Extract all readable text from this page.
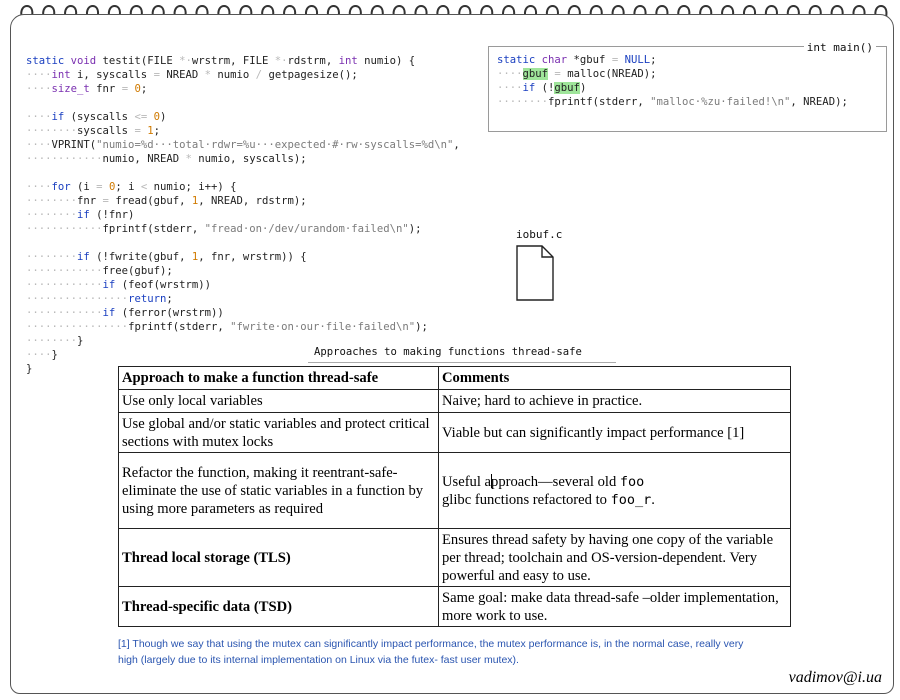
static void testit(FILE *·wrstrm, FILE *·rdstrm, int numio) {
····int i, syscalls = NREAD * numio / getpagesize();
····size_t fnr = 0;
····if (syscalls <= 0)
········syscalls = 1;
····VPRINT("numio=%d···total·rdwr=%u···expected·#·rw·syscalls=%d\n",
············numio, NREAD * numio, syscalls);
····for (i = 0; i < numio; i++) {
········fnr = fread(gbuf, 1, NREAD, rdstrm);
········if (!fnr)
············fprintf(stderr, "fread·on·/dev/urandom·failed\n");
········if (!fwrite(gbuf, 1, fnr, wrstrm)) {
············free(gbuf);
············if (feof(wrstrm))
················return;
············if (ferror(wrstrm))
················fprintf(stderr, "fwrite·on·our·file·failed\n");
········}
····}
}
int main()
static char *gbuf = NULL;
····gbuf = malloc(NREAD);
····if (!gbuf)
········fprintf(stderr, "malloc·%zu·failed!\n", NREAD);
iobuf.c
Approaches to making functions thread-safe
Approach to make a function thread-safe	Comments
Use only local variables	Naive; hard to achieve in practice.
Use global and/or static variables and protect critical sections with mutex locks	Viable but can significantly impact performance [1]
Refactor the function, making it reentrant-safe-eliminate the use of static variables in a function by using more parameters as required	Useful approach—several old foo
glibc functions refactored to foo_r.
Thread local storage (TLS)	Ensures thread safety by having one copy of the variable per thread; toolchain and OS-version-dependent. Very powerful and easy to use.
Thread-specific data (TSD)	Same goal: make data thread-safe –older implementation, more work to use.
[1] Though we say that using the mutex can significantly impact performance, the mutex performance is, in the normal case, really very high (largely due to its internal implementation on Linux via the futex- fast user mutex).
vadimov@i.ua
